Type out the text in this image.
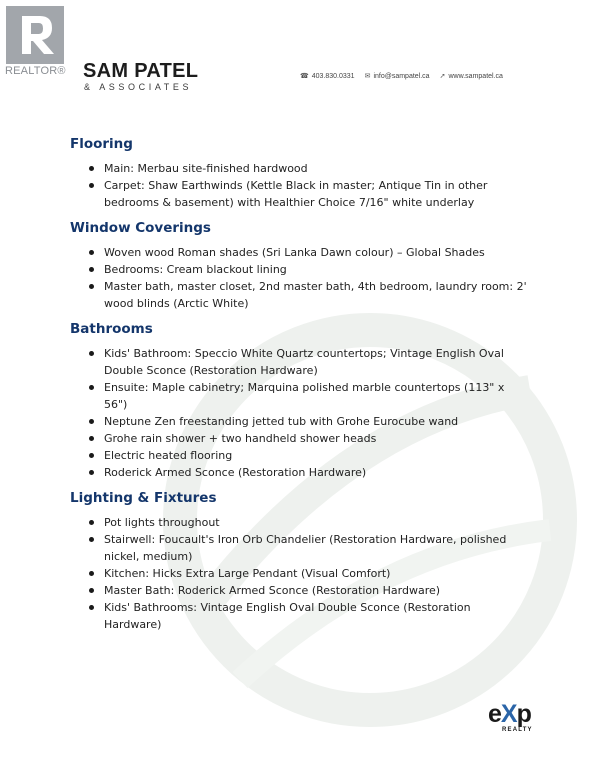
REALTOR® SAM PATEL
& ASSOCIATES
☎ 403.830.0331 ✉ info@sampatel.ca ➚ www.sampatel.ca
Flooring
Main: Merbau site-finished hardwood
Carpet: Shaw Earthwinds (Kettle Black in master; Antique Tin in other bedrooms & basement) with Healthier Choice 7/16" white underlay
Window Coverings
Woven wood Roman shades (Sri Lanka Dawn colour) – Global Shades
Bedrooms: Cream blackout lining
Master bath, master closet, 2nd master bath, 4th bedroom, laundry room: 2' wood blinds (Arctic White)
Bathrooms
Kids' Bathroom: Speccio White Quartz countertops; Vintage English Oval Double Sconce (Restoration Hardware)
Ensuite: Maple cabinetry; Marquina polished marble countertops (113" x 56")
Neptune Zen freestanding jetted tub with Grohe Eurocube wand
Grohe rain shower + two handheld shower heads
Electric heated flooring
Roderick Armed Sconce (Restoration Hardware)
Lighting & Fixtures
Pot lights throughout
Stairwell: Foucault's Iron Orb Chandelier (Restoration Hardware, polished nickel, medium)
Kitchen: Hicks Extra Large Pendant (Visual Comfort)
Master Bath: Roderick Armed Sconce (Restoration Hardware)
Kids' Bathrooms: Vintage English Oval Double Sconce (Restoration Hardware)
eXp
REALTY
